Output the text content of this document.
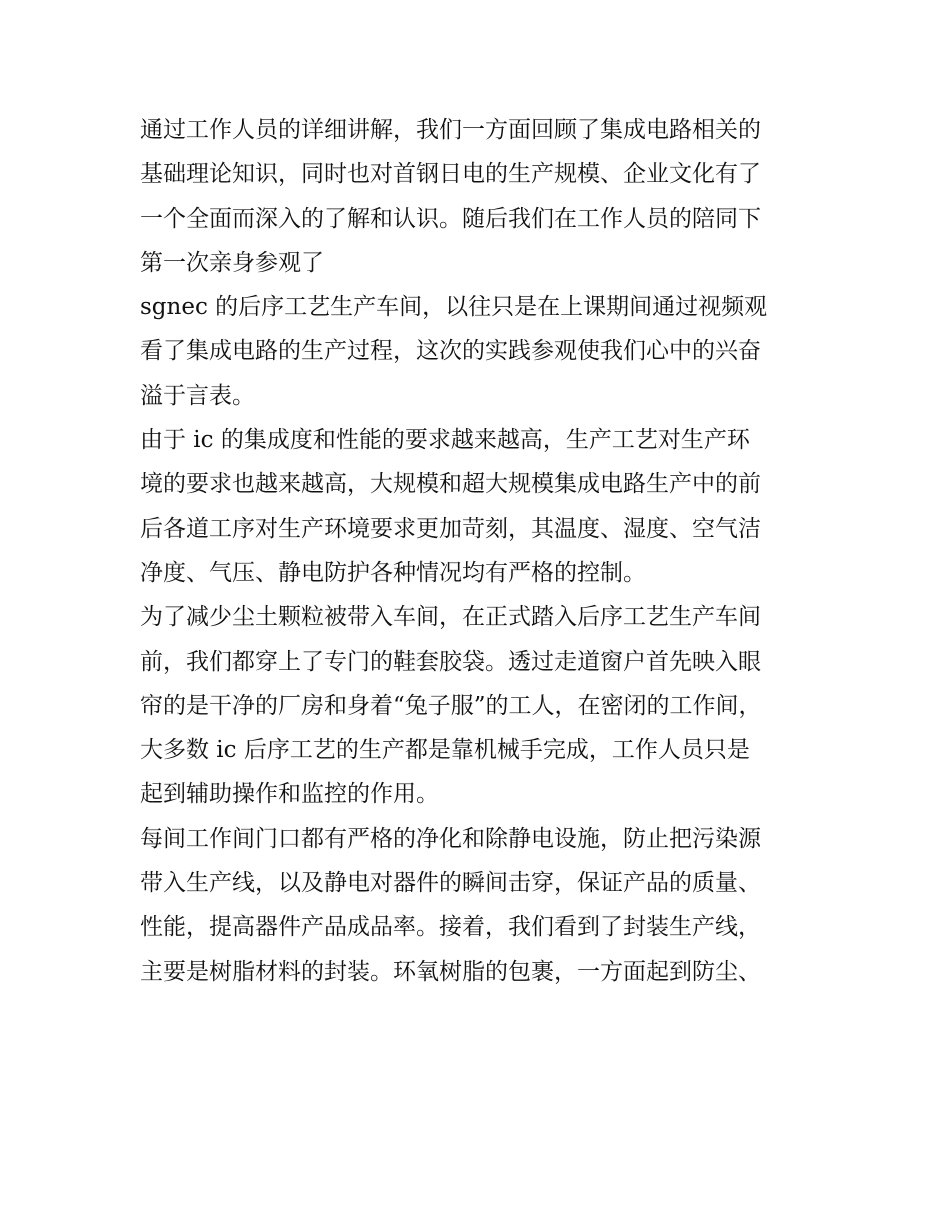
通过工作人员的详细讲解，我们一方面回顾了集成电路相关的
基础理论知识，同时也对首钢日电的生产规模、企业文化有了
一个全面而深入的了解和认识。随后我们在工作人员的陪同下
第一次亲身参观了
sgnec 的后序工艺生产车间，以往只是在上课期间通过视频观
看了集成电路的生产过程，这次的实践参观使我们心中的兴奋
溢于言表。
由于 ic 的集成度和性能的要求越来越高，生产工艺对生产环
境的要求也越来越高，大规模和超大规模集成电路生产中的前
后各道工序对生产环境要求更加苛刻，其温度、湿度、空气洁
净度、气压、静电防护各种情况均有严格的控制。
为了减少尘土颗粒被带入车间，在正式踏入后序工艺生产车间
前，我们都穿上了专门的鞋套胶袋。透过走道窗户首先映入眼
帘的是干净的厂房和身着“兔子服”的工人，在密闭的工作间，
大多数 ic 后序工艺的生产都是靠机械手完成，工作人员只是
起到辅助操作和监控的作用。
每间工作间门口都有严格的净化和除静电设施，防止把污染源
带入生产线，以及静电对器件的瞬间击穿，保证产品的质量、
性能，提高器件产品成品率。接着，我们看到了封装生产线，
主要是树脂材料的封装。环氧树脂的包裹，一方面起到防尘、
